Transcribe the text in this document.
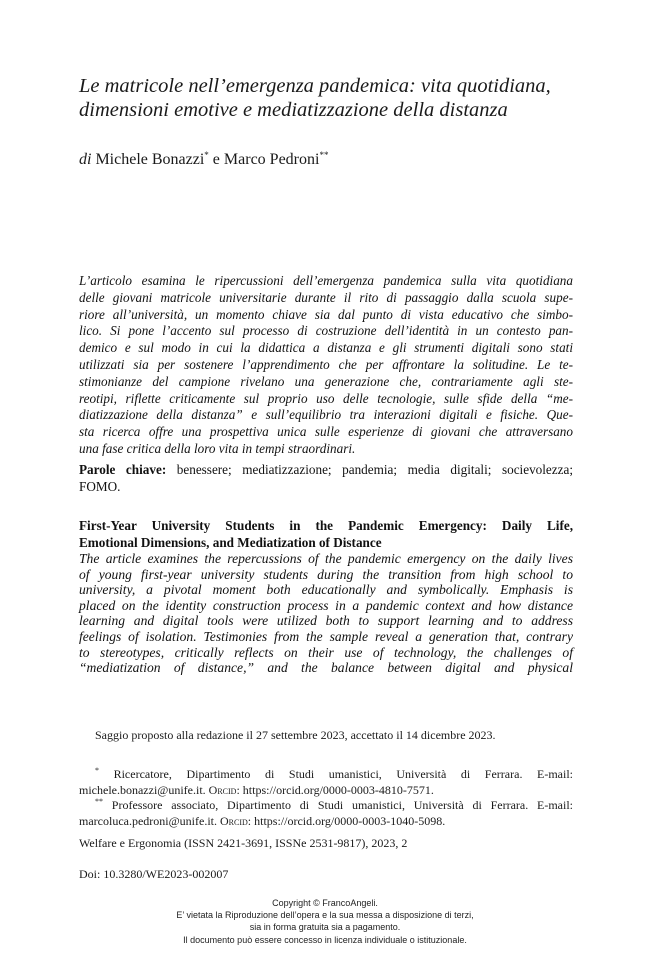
Le matricole nell’emergenza pandemica: vita quotidiana,
dimensioni emotive e mediatizzazione della distanza
di Michele Bonazzi* e Marco Pedroni**
L’articolo esamina le ripercussioni dell’emergenza pandemica sulla vita quotidiana
delle giovani matricole universitarie durante il rito di passaggio dalla scuola supe-
riore all’università, un momento chiave sia dal punto di vista educativo che simbo-
lico. Si pone l’accento sul processo di costruzione dell’identità in un contesto pan-
demico e sul modo in cui la didattica a distanza e gli strumenti digitali sono stati
utilizzati sia per sostenere l’apprendimento che per affrontare la solitudine. Le te-
stimonianze del campione rivelano una generazione che, contrariamente agli ste-
reotipi, riflette criticamente sul proprio uso delle tecnologie, sulle sfide della “me-
diatizzazione della distanza” e sull’equilibrio tra interazioni digitali e fisiche. Que-
sta ricerca offre una prospettiva unica sulle esperienze di giovani che attraversano
una fase critica della loro vita in tempi straordinari.
Parole chiave: benessere; mediatizzazione; pandemia; media digitali; socievolezza;
FOMO.
First-Year University Students in the Pandemic Emergency: Daily Life,
Emotional Dimensions, and Mediatization of Distance
The article examines the repercussions of the pandemic emergency on the daily lives
of young first-year university students during the transition from high school to
university, a pivotal moment both educationally and symbolically. Emphasis is
placed on the identity construction process in a pandemic context and how distance
learning and digital tools were utilized both to support learning and to address
feelings of isolation. Testimonies from the sample reveal a generation that, contrary
to stereotypes, critically reflects on their use of technology, the challenges of
“mediatization of distance,” and the balance between digital and physical
Saggio proposto alla redazione il 27 settembre 2023, accettato il 14 dicembre 2023.
* Ricercatore, Dipartimento di Studi umanistici, Università di Ferrara. E-mail:
michele.bonazzi@unife.it. Orcid: https://orcid.org/0000-0003-4810-7571.
** Professore associato, Dipartimento di Studi umanistici, Università di Ferrara. E-mail:
marcoluca.pedroni@unife.it. Orcid: https://orcid.org/0000-0003-1040-5098.
Welfare e Ergonomia (ISSN 2421-3691, ISSNe 2531-9817), 2023, 2
Doi: 10.3280/WE2023-002007
Copyright © FrancoAngeli.
E’ vietata la Riproduzione dell’opera e la sua messa a disposizione di terzi,
sia in forma gratuita sia a pagamento.
Il documento può essere concesso in licenza individuale o istituzionale.
